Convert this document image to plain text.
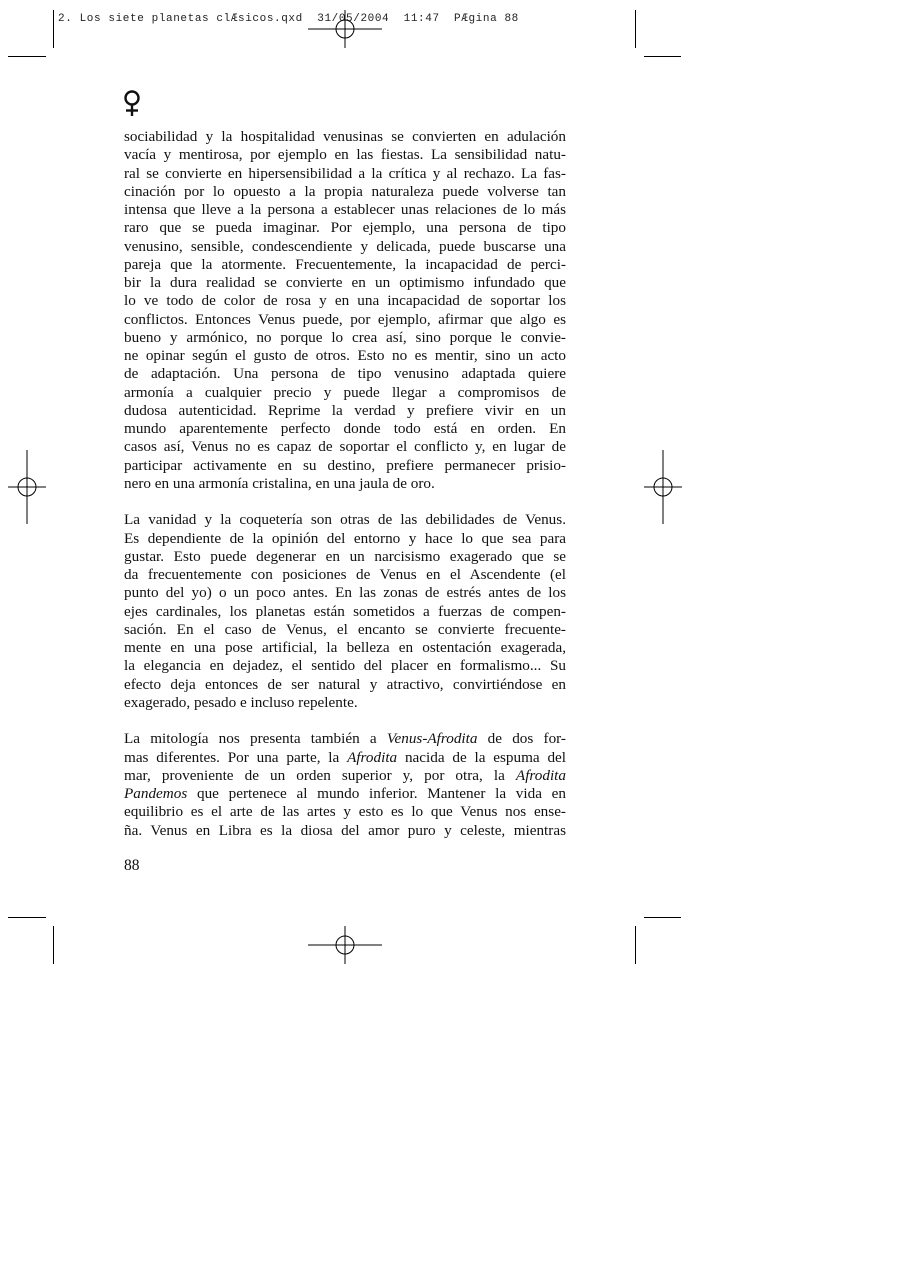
2. Los siete planetas clÆsicos.qxd  31/05/2004  11:47  PÆgina 88

sociabilidad y la hospitalidad venusinas se convierten en adulación
vacía y mentirosa, por ejemplo en las fiestas. La sensibilidad natu-
ral se convierte en hipersensibilidad a la crítica y al rechazo. La fas-
cinación por lo opuesto a la propia naturaleza puede volverse tan
intensa que lleve a la persona a establecer unas relaciones de lo más
raro que se pueda imaginar. Por ejemplo, una persona de tipo
venusino, sensible, condescendiente y delicada, puede buscarse una
pareja que la atormente. Frecuentemente, la incapacidad de perci-
bir la dura realidad se convierte en un optimismo infundado que
lo ve todo de color de rosa y en una incapacidad de soportar los
conflictos. Entonces Venus puede, por ejemplo, afirmar que algo es
bueno y armónico, no porque lo crea así, sino porque le convie-
ne opinar según el gusto de otros. Esto no es mentir, sino un acto
de adaptación. Una persona de tipo venusino adaptada quiere
armonía a cualquier precio y puede llegar a compromisos de
dudosa autenticidad. Reprime la verdad y prefiere vivir en un
mundo aparentemente perfecto donde todo está en orden. En
casos así, Venus no es capaz de soportar el conflicto y, en lugar de
participar activamente en su destino, prefiere permanecer prisio-
nero en una armonía cristalina, en una jaula de oro.

La vanidad y la coquetería son otras de las debilidades de Venus.
Es dependiente de la opinión del entorno y hace lo que sea para
gustar. Esto puede degenerar en un narcisismo exagerado que se
da frecuentemente con posiciones de Venus en el Ascendente (el
punto del yo) o un poco antes. En las zonas de estrés antes de los
ejes cardinales, los planetas están sometidos a fuerzas de compen-
sación. En el caso de Venus, el encanto se convierte frecuente-
mente en una pose artificial, la belleza en ostentación exagerada,
la elegancia en dejadez, el sentido del placer en formalismo... Su
efecto deja entonces de ser natural y atractivo, convirtiéndose en
exagerado, pesado e incluso repelente.

La mitología nos presenta también a Venus-Afrodita de dos for-
mas diferentes. Por una parte, la Afrodita nacida de la espuma del
mar, proveniente de un orden superior y, por otra, la Afrodita
Pandemos que pertenece al mundo inferior. Mantener la vida en
equilibrio es el arte de las artes y esto es lo que Venus nos ense-
ña. Venus en Libra es la diosa del amor puro y celeste, mientras

88
